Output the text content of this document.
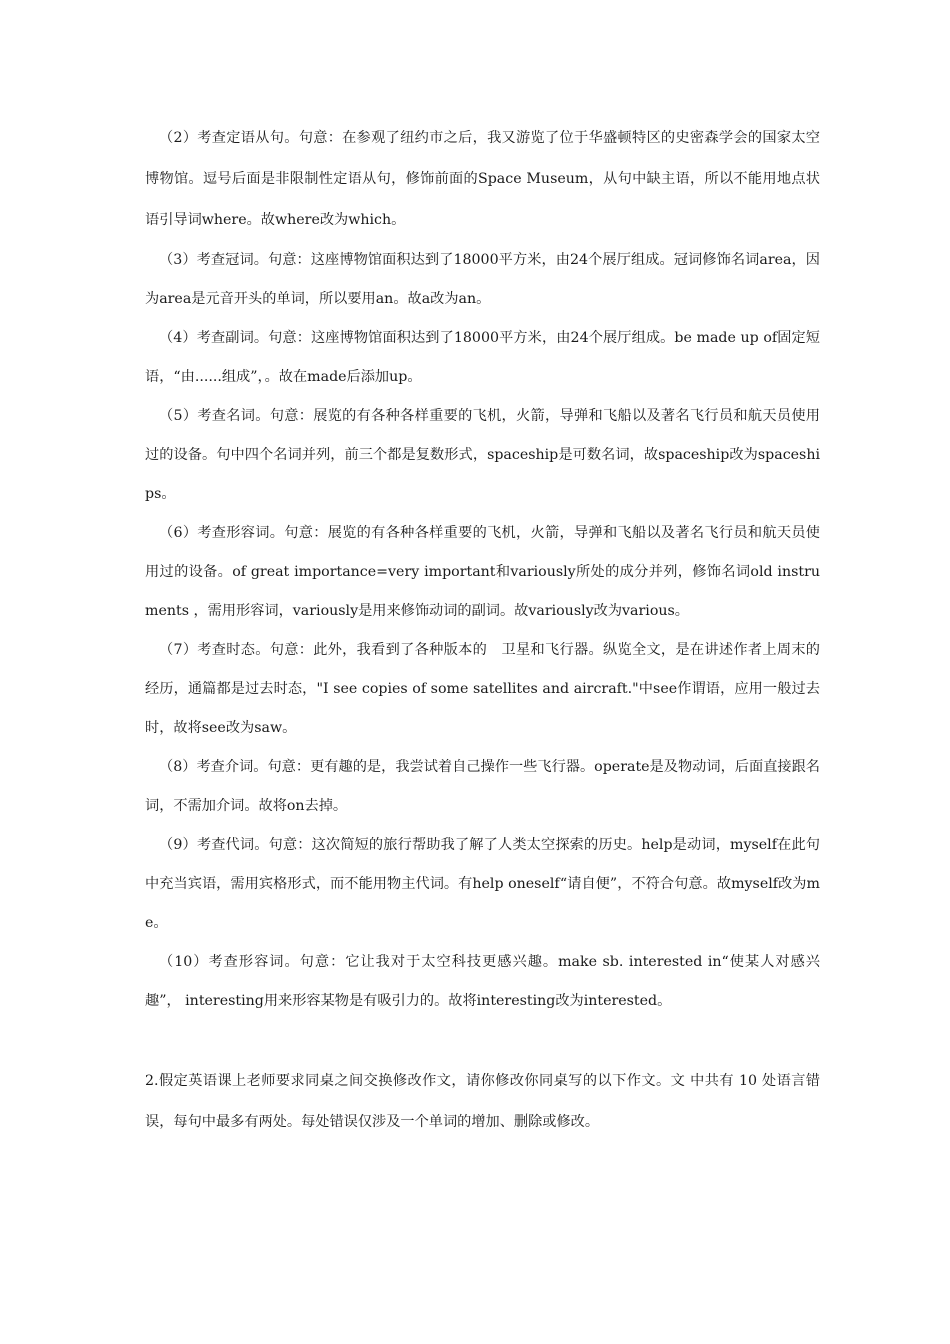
（2）考查定语从句。句意：在参观了纽约市之后，我又游览了位于华盛顿特区的史密森学会的国家太空博物馆。逗号后面是非限制性定语从句，修饰前面的Space Museum，从句中缺主语，所以不能用地点状语引导词where。故where改为which。

（3）考查冠词。句意：这座博物馆面积达到了18000平方米，由24个展厅组成。冠词修饰名词area，因为area是元音开头的单词，所以要用an。故a改为an。

（4）考查副词。句意：这座博物馆面积达到了18000平方米，由24个展厅组成。be made up of固定短语，“由......组成”，。故在made后添加up。

（5）考查名词。句意：展览的有各种各样重要的飞机，火箭，导弹和飞船以及著名飞行员和航天员使用过的设备。句中四个名词并列，前三个都是复数形式，spaceship是可数名词，故spaceship改为spaceships。

（6）考查形容词。句意：展览的有各种各样重要的飞机，火箭，导弹和飞船以及著名飞行员和航天员使用过的设备。of great importance=very important和variously所处的成分并列，修饰名词old instruments ，需用形容词，variously是用来修饰动词的副词。故variously改为various。

（7）考查时态。句意：此外，我看到了各种版本的　卫星和飞行器。纵览全文，是在讲述作者上周末的经历，通篇都是过去时态，"I see copies of some satellites and aircraft."中see作谓语，应用一般过去时，故将see改为saw。

（8）考查介词。句意：更有趣的是，我尝试着自己操作一些飞行器。operate是及物动词，后面直接跟名词，不需加介词。故将on去掉。

（9）考查代词。句意：这次简短的旅行帮助我了解了人类太空探索的历史。help是动词，myself在此句中充当宾语，需用宾格形式，而不能用物主代词。有help oneself“请自便”，不符合句意。故myself改为me。

（10）考查形容词。句意：它让我对于太空科技更感兴趣。make sb. interested in“使某人对感兴趣”， interesting用来形容某物是有吸引力的。故将interesting改为interested。

2.假定英语课上老师要求同桌之间交换修改作文，请你修改你同桌写的以下作文。文 中共有 10 处语言错误，每句中最多有两处。每处错误仅涉及一个单词的增加、删除或修改。
